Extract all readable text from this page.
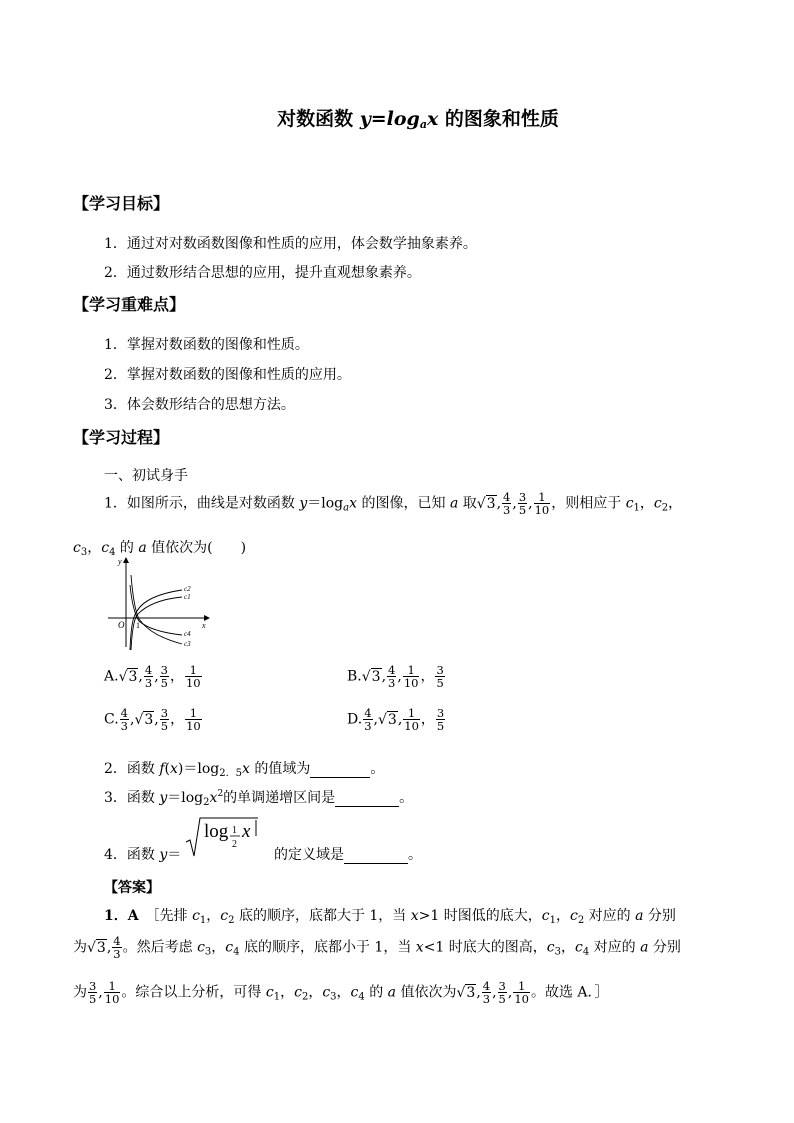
对数函数 $y=\log_ax$ 的图象和性质
【学习目标】
1．通过对对数函数图像和性质的应用，体会数学抽象素养。
2．通过数形结合思想的应用，提升直观想象素养。
【学习重难点】
1．掌握对数函数的图像和性质。
2．掌握对数函数的图像和性质的应用。
3．体会数形结合的思想方法。
【学习过程】
一、初试身手
1．如图所示，曲线是对数函数 $y=\log_ax$ 的图像，已知 a 取√3, $\frac{4}{3}$ , $\frac{3}{5}$ , $\frac{1}{10}$ ，则相应于 $c_1$，$c_2$，
$c_3$，$c_4$ 的 a 值依次为(　　)
y
x
O 1
c2
c1
c4
c3
A.√3, $\frac{4}{3}$ , $\frac{3}{5}$ ， $\frac{1}{10}$	B.√3, $\frac{4}{3}$ , $\frac{1}{10}$ ， $\frac{3}{5}$
C. $\frac{4}{3} ,√3$, $\frac{3}{5}$ ， $\frac{1}{10}$	D. $\frac{4}{3} ,√3$, $\frac{1}{10}$ ， $\frac{3}{5}$
2．函数 $f(x)=\log_{2.5}x$ 的值域为	。
3．函数 $y=\log_2x^2$的单调递增区间是	。
4．函数 y＝
log 1
2
x
的定义域是	。
【答案】
1．A　 ［先排 $c_1$，$c_2$ 底的顺序，底都大于 1，当 x>1 时图低的底大，$c_1$，$c_2$ 对应的 a 分别
为√3, $\frac{4}{3}$ 。然后考虑 $c_3$，$c_4$ 底的顺序，底都小于 1，当 x<1 时底大的图高，$c_3$，$c_4$ 对应的 a 分别
为 $\frac{3}{5}$ , $\frac{1}{10}$ 。综合以上分析，可得 $c_1$，$c_2$，$c_3$，$c_4$ 的 a 值依次为√3, $\frac{4}{3}$ , $\frac{3}{5}$ , $\frac{1}{10}$ 。故选 A．］
